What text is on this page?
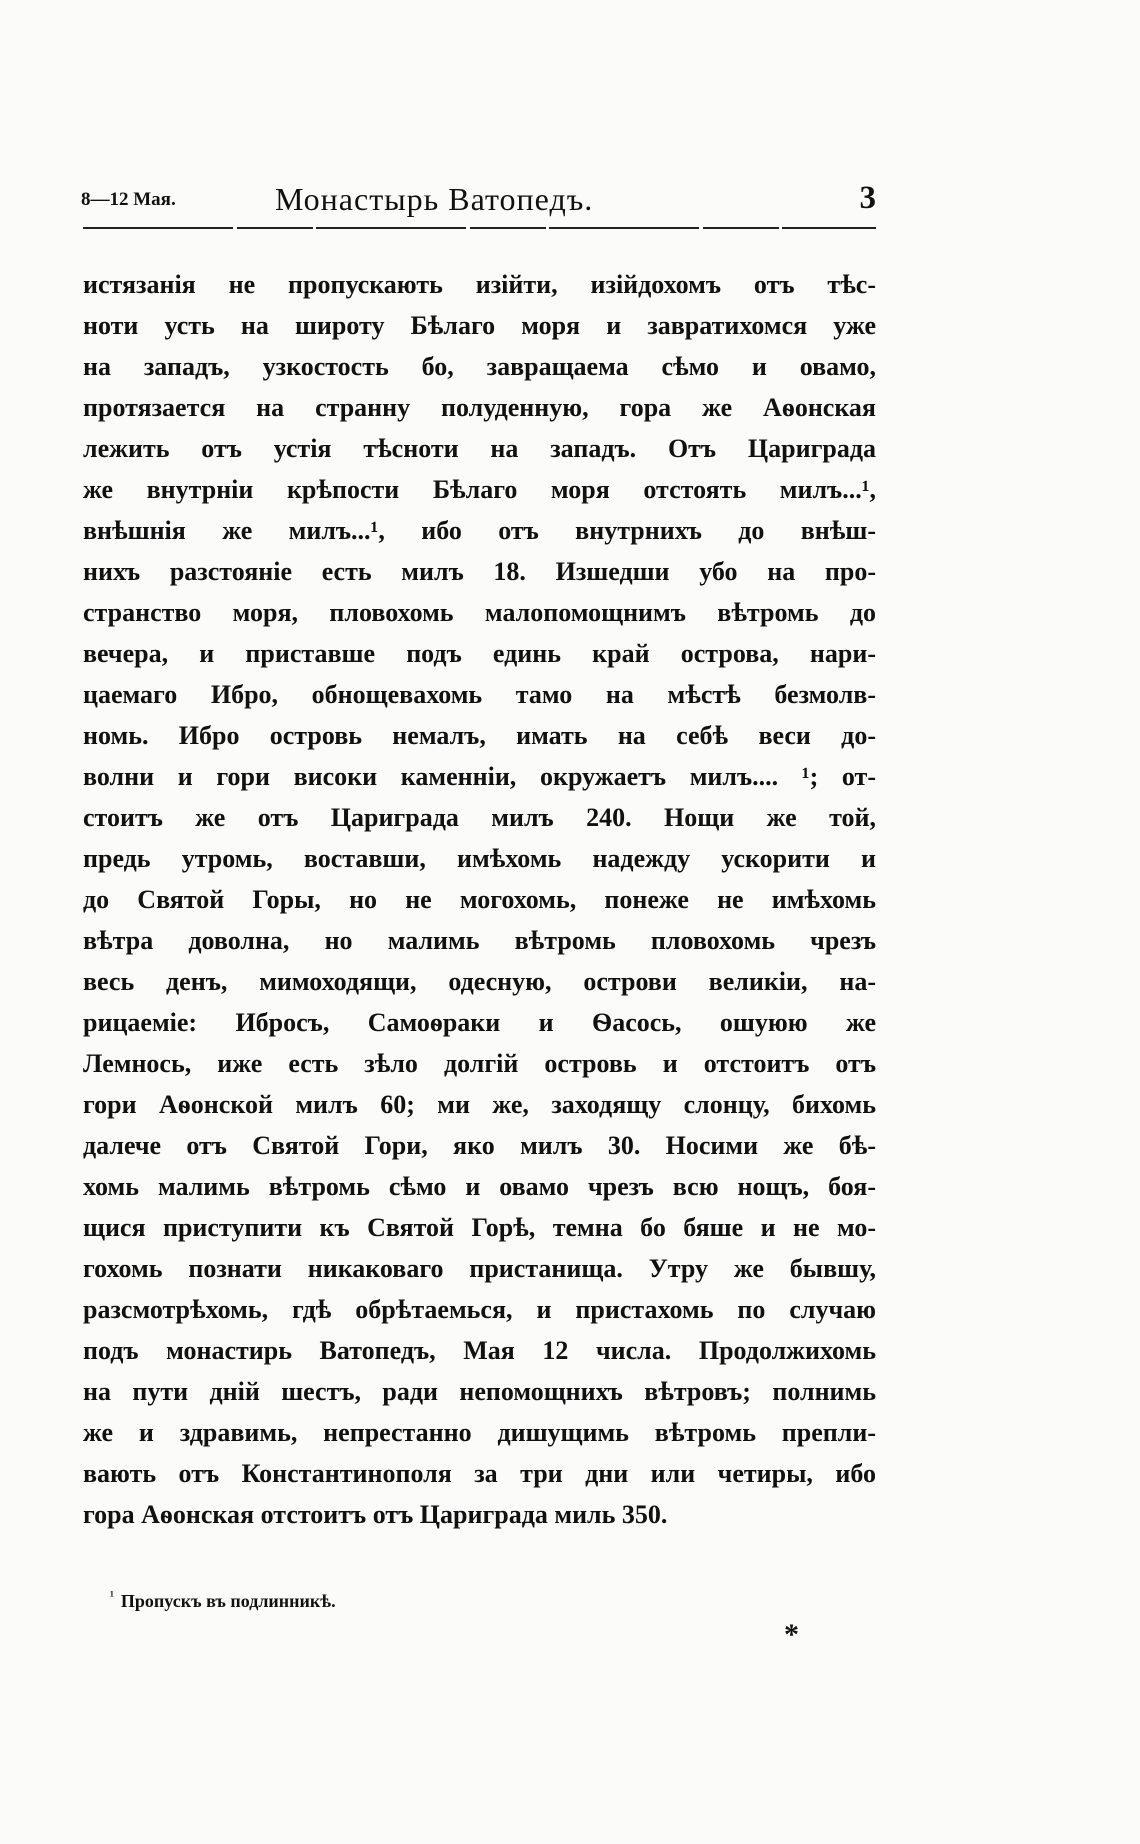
8—12 Мая.	Монастырь Ватопедъ.	3
истязанія не пропускають изійти, изійдохомъ отъ тѣс-
ноти усть на широту Бѣлаго моря и завратихомся уже
на западъ, узкостость бо, завращаема сѣмо и овамо,
протязается на странну полуденную, гора же Аѳонская
лежить отъ устія тѣсноти на западъ. Отъ Цариграда
же внутрніи крѣпости Бѣлаго моря отстоять милъ...¹,
внѣшнія же милъ...¹, ибо отъ внутрнихъ до внѣш-
нихъ разстояніе есть милъ 18. Изшедши убо на про-
странство моря, пловохомь малопомощнимъ вѣтромь до
вечера, и приставше подъ единь край острова, нари-
цаемаго Ибро, обнощевахомь тамо на мѣстѣ безмолв-
номь. Ибро островь немалъ, имать на себѣ веси до-
волни и гори високи каменніи, окружаетъ милъ.... ¹; от-
стоитъ же отъ Цариграда милъ 240. Нощи же той,
предь утромь, воставши, имѣхомь надежду ускорити и
до Святой Горы, но не могохомь, понеже не имѣхомь
вѣтра доволна, но малимь вѣтромь пловохомь чрезъ
весь денъ, мимоходящи, одесную, острови великіи, на-
рицаеміе: Ибросъ, Самоѳраки и Ѳасось, ошуюю же
Лемнось, иже есть зѣло долгій островь и отстоитъ отъ
гори Аѳонской милъ 60; ми же, заходящу слонцу, бихомь
далече отъ Святой Гори, яко милъ 30. Носими же бѣ-
хомь малимь вѣтромь сѣмо и овамо чрезъ всю нощъ, боя-
щися приступити къ Святой Горѣ, темна бо бяше и не мо-
гохомь познати никаковаго пристанища. Утру же бывшу,
разсмотрѣхомь, гдѣ обрѣтаемься, и пристахомь по случаю
подъ монастирь Ватопедъ, Мая 12 числа. Продолжихомь
на пути дній шестъ, ради непомощнихъ вѣтровъ; полнимь
же и здравимь, непрестанно дишущимь вѣтромь препли-
вають отъ Константинополя за три дни или четиры, ибо
гора Аѳонская отстоитъ отъ Цариграда миль 350.
$^{^1}$ Пропускъ въ подлинникѣ.
*
